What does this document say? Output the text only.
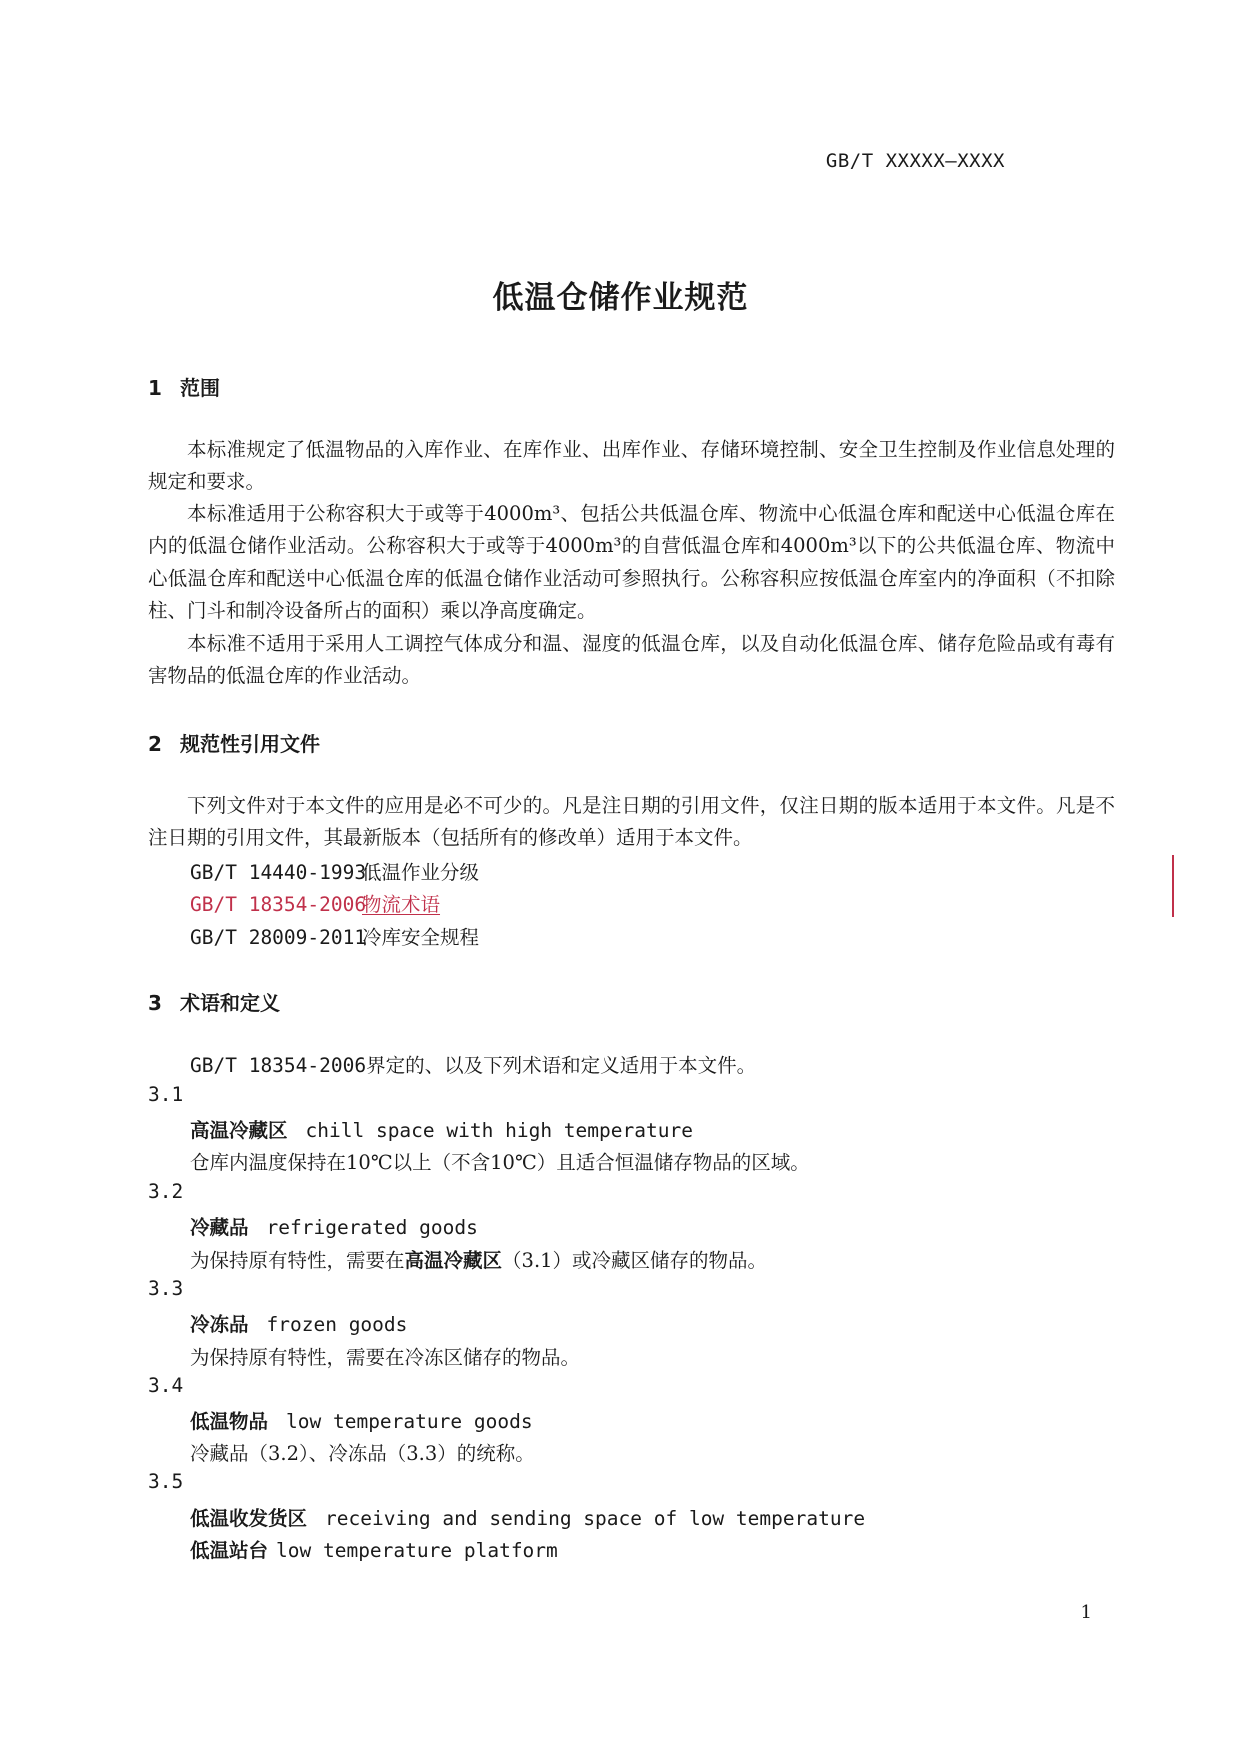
GB/T XXXXX—XXXX
低温仓储作业规范
1 范围

本标准规定了低温物品的入库作业、在库作业、出库作业、存储环境控制、安全卫生控制及作业信息处理的规定和要求。

本标准适用于公称容积大于或等于4000m³、包括公共低温仓库、物流中心低温仓库和配送中心低温仓库在内的低温仓储作业活动。公称容积大于或等于4000m³的自营低温仓库和4000m³以下的公共低温仓库、物流中心低温仓库和配送中心低温仓库的低温仓储作业活动可参照执行。公称容积应按低温仓库室内的净面积（不扣除柱、门斗和制冷设备所占的面积）乘以净高度确定。

本标准不适用于采用人工调控气体成分和温、湿度的低温仓库，以及自动化低温仓库、储存危险品或有毒有害物品的低温仓库的作业活动。

2 规范性引用文件

下列文件对于本文件的应用是必不可少的。凡是注日期的引用文件，仅注日期的版本适用于本文件。凡是不注日期的引用文件，其最新版本（包括所有的修改单）适用于本文件。

GB/T 14440-1993低温作业分级
GB/T 18354-2006物流术语
GB/T 28009-2011冷库安全规程
3 术语和定义
GB/T 18354-2006界定的、以及下列术语和定义适用于本文件。
3.1
高温冷藏区 chill space with high temperature
仓库内温度保持在10℃以上（不含10℃）且适合恒温储存物品的区域。
3.2
冷藏品 refrigerated goods
为保持原有特性，需要在高温冷藏区（3.1）或冷藏区储存的物品。
3.3
冷冻品 frozen goods
为保持原有特性，需要在冷冻区储存的物品。
3.4
低温物品 low temperature goods
冷藏品（3.2）、冷冻品（3.3）的统称。
3.5
低温收发货区 receiving and sending space of low temperature
低温站台 low temperature platform
1
